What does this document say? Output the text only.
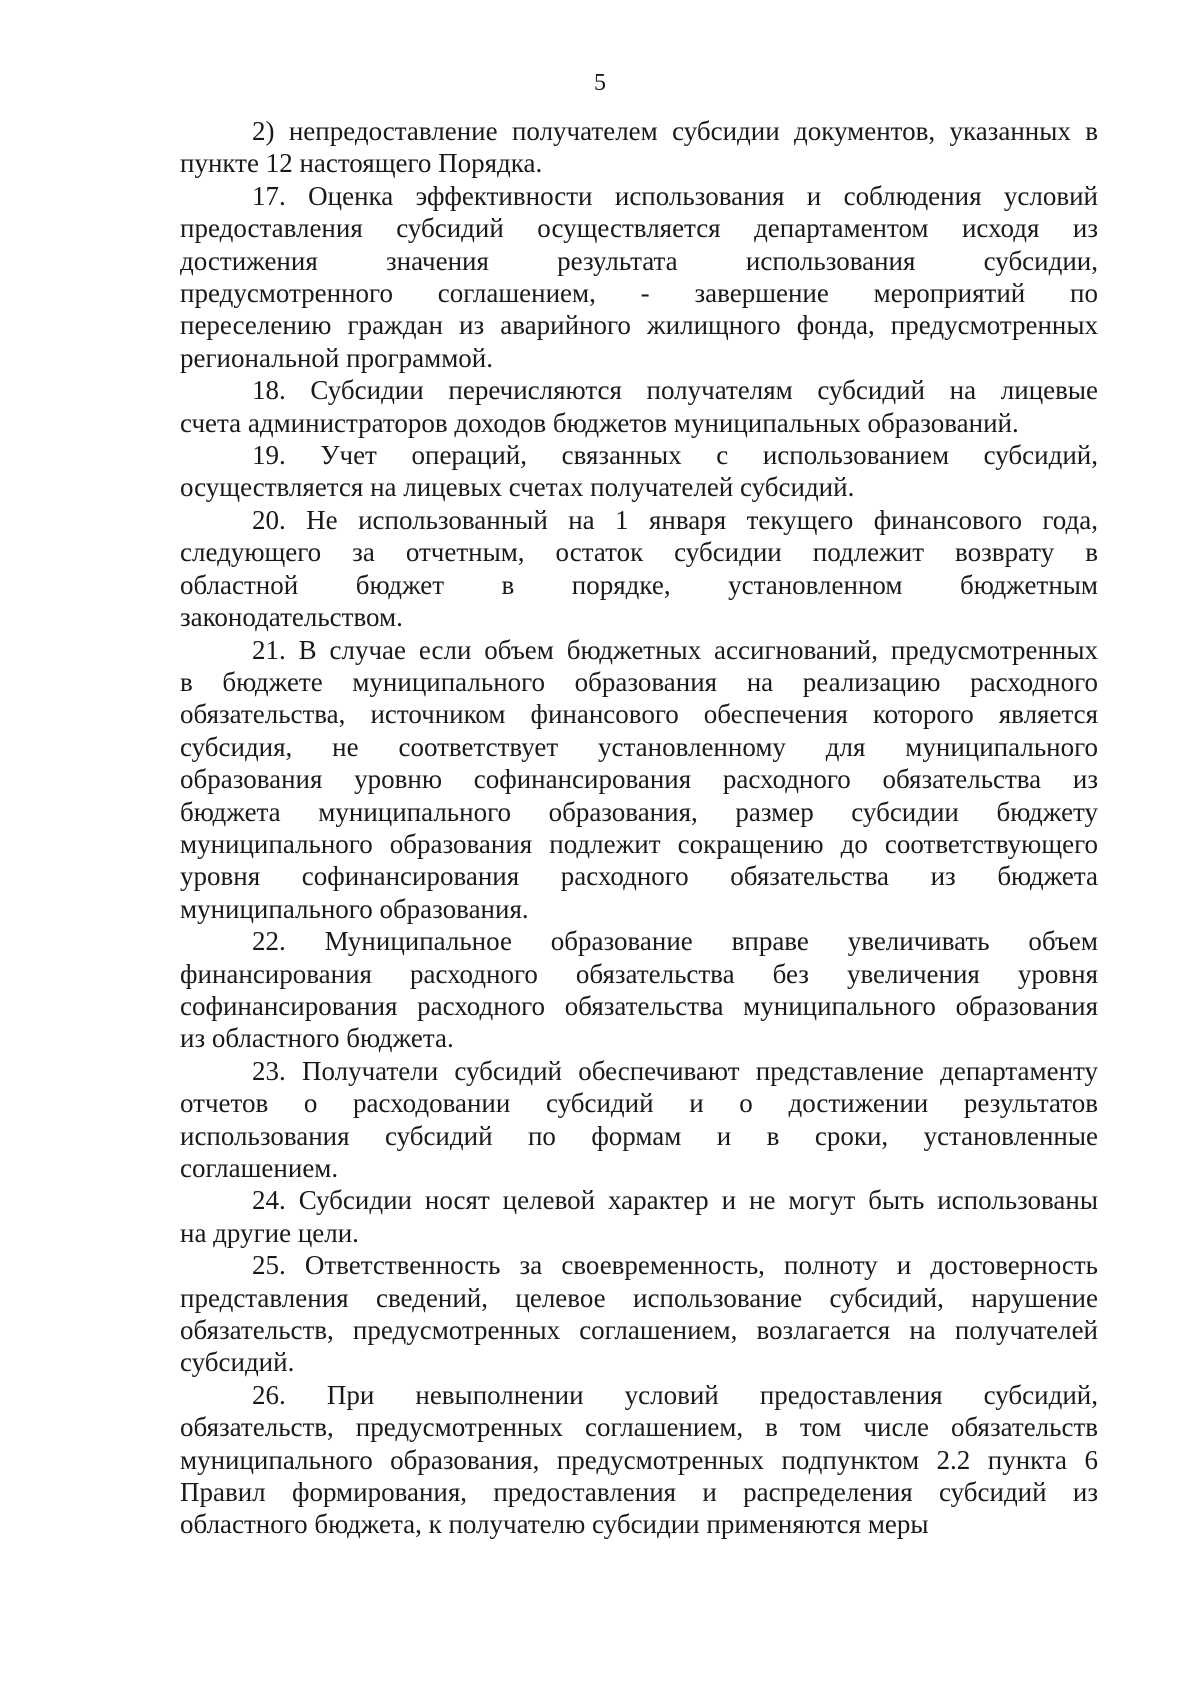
5
2) непредоставление получателем субсидии документов, указанных в
пункте 12 настоящего Порядка.
17. Оценка эффективности использования и соблюдения условий
предоставления субсидий осуществляется департаментом исходя из
достижения значения результата использования субсидии,
предусмотренного соглашением, - завершение мероприятий по
переселению граждан из аварийного жилищного фонда, предусмотренных
региональной программой.
18. Субсидии перечисляются получателям субсидий на лицевые
счета администраторов доходов бюджетов муниципальных образований.
19. Учет операций, связанных с использованием субсидий,
осуществляется на лицевых счетах получателей субсидий.
20. Не использованный на 1 января текущего финансового года,
следующего за отчетным, остаток субсидии подлежит возврату в
областной бюджет в порядке, установленном бюджетным
законодательством.
21. В случае если объем бюджетных ассигнований, предусмотренных
в бюджете муниципального образования на реализацию расходного
обязательства, источником финансового обеспечения которого является
субсидия, не соответствует установленному для муниципального
образования уровню софинансирования расходного обязательства из
бюджета муниципального образования, размер субсидии бюджету
муниципального образования подлежит сокращению до соответствующего
уровня софинансирования расходного обязательства из бюджета
муниципального образования.
22. Муниципальное образование вправе увеличивать объем
финансирования расходного обязательства без увеличения уровня
софинансирования расходного обязательства муниципального образования
из областного бюджета.
23. Получатели субсидий обеспечивают представление департаменту
отчетов о расходовании субсидий и о достижении результатов
использования субсидий по формам и в сроки, установленные
соглашением.
24. Субсидии носят целевой характер и не могут быть использованы
на другие цели.
25. Ответственность за своевременность, полноту и достоверность
представления сведений, целевое использование субсидий, нарушение
обязательств, предусмотренных соглашением, возлагается на получателей
субсидий.
26. При невыполнении условий предоставления субсидий,
обязательств, предусмотренных соглашением, в том числе обязательств
муниципального образования, предусмотренных подпунктом 2.2 пункта 6
Правил формирования, предоставления и распределения субсидий из
областного бюджета, к получателю субсидии применяются меры
